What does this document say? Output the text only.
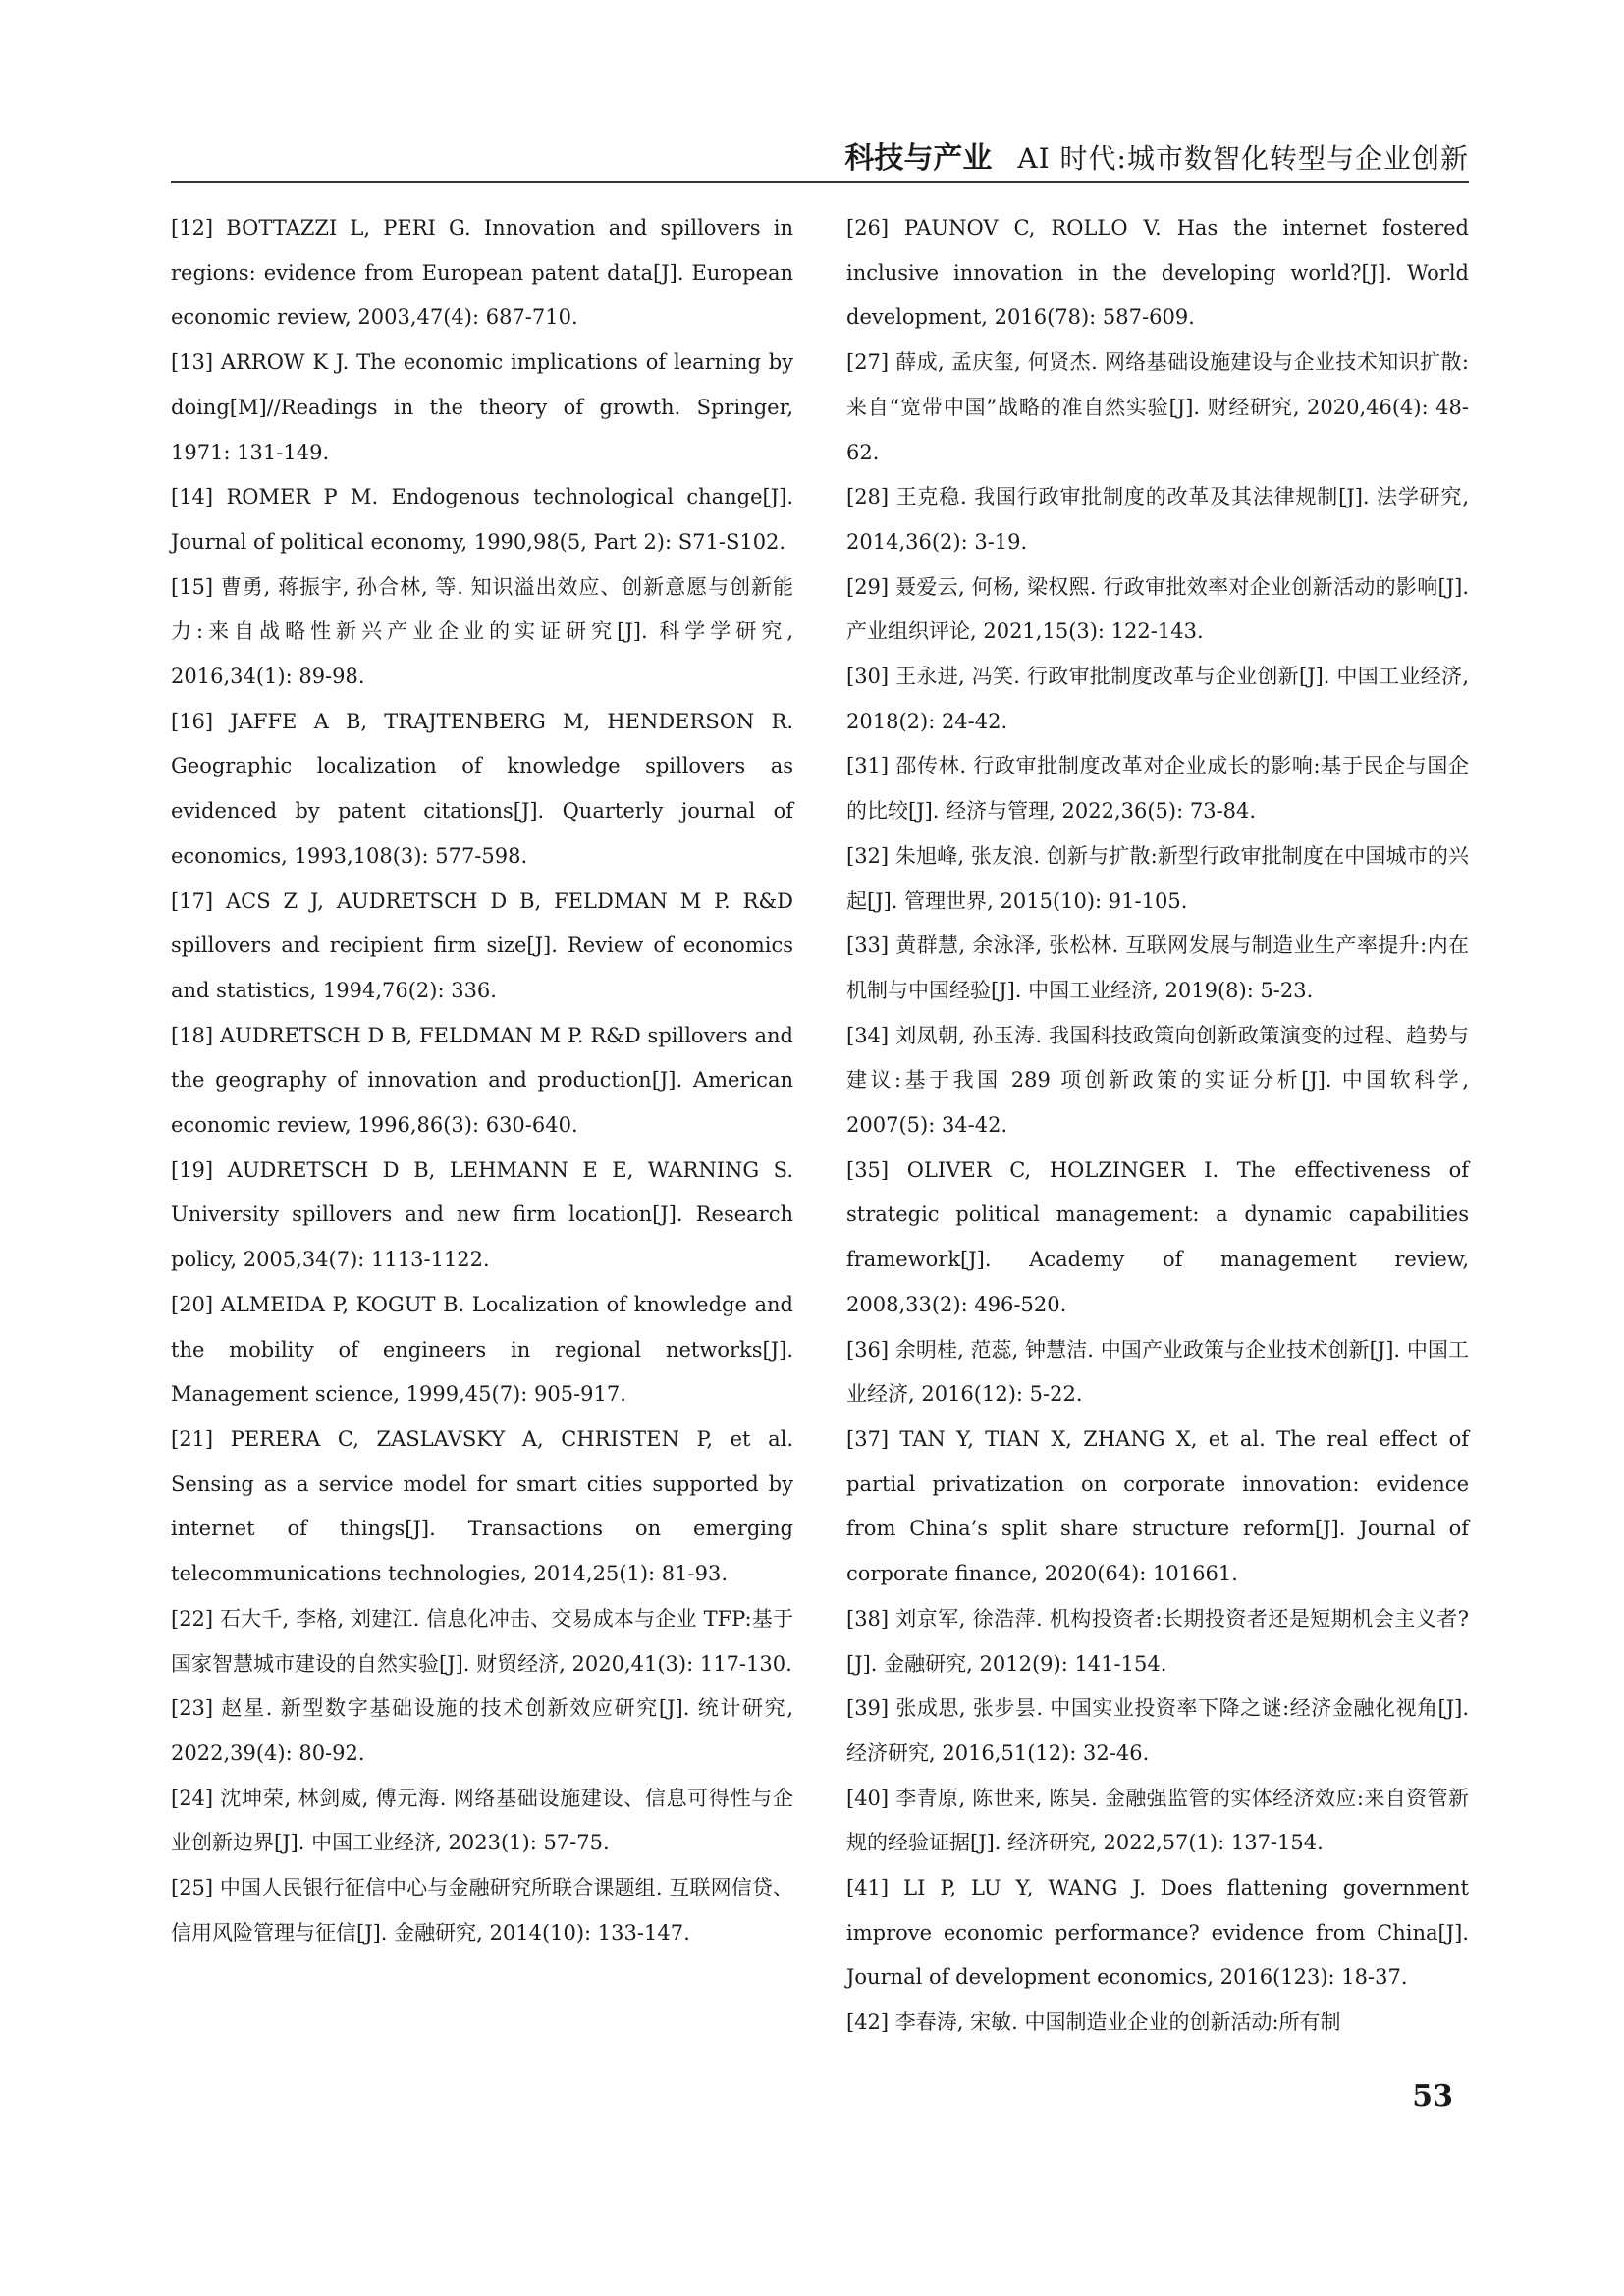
科技与产业 AI 时代:城市数智化转型与企业创新

[12] BOTTAZZI L, PERI G. Innovation and spillovers in regions: evidence from European patent data[J]. European economic review, 2003,47(4): 687-710.

[13] ARROW K J. The economic implications of learning by doing[M]//Readings in the theory of growth. Springer, 1971: 131-149.

[14] ROMER P M. Endogenous technological change[J]. Journal of political economy, 1990,98(5, Part 2): S71-S102.

[15] 曹勇, 蒋振宇, 孙合林, 等. 知识溢出效应、创新意愿与创新能力:来自战略性新兴产业企业的实证研究[J]. 科学学研究, 2016,34(1): 89-98.

[16] JAFFE A B, TRAJTENBERG M, HENDERSON R. Geographic localization of knowledge spillovers as evidenced by patent citations[J]. Quarterly journal of economics, 1993,108(3): 577-598.

[17] ACS Z J, AUDRETSCH D B, FELDMAN M P. R&D spillovers and recipient firm size[J]. Review of economics and statistics, 1994,76(2): 336.

[18] AUDRETSCH D B, FELDMAN M P. R&D spillovers and the geography of innovation and production[J]. American economic review, 1996,86(3): 630-640.

[19] AUDRETSCH D B, LEHMANN E E, WARNING S. University spillovers and new firm location[J]. Research policy, 2005,34(7): 1113-1122.

[20] ALMEIDA P, KOGUT B. Localization of knowledge and the mobility of engineers in regional networks[J]. Management science, 1999,45(7): 905-917.

[21] PERERA C, ZASLAVSKY A, CHRISTEN P, et al. Sensing as a service model for smart cities supported by internet of things[J]. Transactions on emerging telecommunications technologies, 2014,25(1): 81-93.

[22] 石大千, 李格, 刘建江. 信息化冲击、交易成本与企业 TFP:基于国家智慧城市建设的自然实验[J]. 财贸经济, 2020,41(3): 117-130.

[23] 赵星. 新型数字基础设施的技术创新效应研究[J]. 统计研究, 2022,39(4): 80-92.

[24] 沈坤荣, 林剑威, 傅元海. 网络基础设施建设、信息可得性与企业创新边界[J]. 中国工业经济, 2023(1): 57-75.

[25] 中国人民银行征信中心与金融研究所联合课题组. 互联网信贷、信用风险管理与征信[J]. 金融研究, 2014(10): 133-147.

[26] PAUNOV C, ROLLO V. Has the internet fostered inclusive innovation in the developing world?[J]. World development, 2016(78): 587-609.

[27] 薛成, 孟庆玺, 何贤杰. 网络基础设施建设与企业技术知识扩散:来自“宽带中国”战略的准自然实验[J]. 财经研究, 2020,46(4): 48-62.

[28] 王克稳. 我国行政审批制度的改革及其法律规制[J]. 法学研究, 2014,36(2): 3-19.

[29] 聂爱云, 何杨, 梁权熙. 行政审批效率对企业创新活动的影响[J]. 产业组织评论, 2021,15(3): 122-143.

[30] 王永进, 冯笑. 行政审批制度改革与企业创新[J]. 中国工业经济, 2018(2): 24-42.

[31] 邵传林. 行政审批制度改革对企业成长的影响:基于民企与国企的比较[J]. 经济与管理, 2022,36(5): 73-84.

[32] 朱旭峰, 张友浪. 创新与扩散:新型行政审批制度在中国城市的兴起[J]. 管理世界, 2015(10): 91-105.

[33] 黄群慧, 余泳泽, 张松林. 互联网发展与制造业生产率提升:内在机制与中国经验[J]. 中国工业经济, 2019(8): 5-23.

[34] 刘凤朝, 孙玉涛. 我国科技政策向创新政策演变的过程、趋势与建议:基于我国 289 项创新政策的实证分析[J]. 中国软科学, 2007(5): 34-42.

[35] OLIVER C, HOLZINGER I. The effectiveness of strategic political management: a dynamic capabilities framework[J]. Academy of management review, 2008,33(2): 496-520.

[36] 余明桂, 范蕊, 钟慧洁. 中国产业政策与企业技术创新[J]. 中国工业经济, 2016(12): 5-22.

[37] TAN Y, TIAN X, ZHANG X, et al. The real effect of partial privatization on corporate innovation: evidence from China’s split share structure reform[J]. Journal of corporate finance, 2020(64): 101661.

[38] 刘京军, 徐浩萍. 机构投资者:长期投资者还是短期机会主义者?[J]. 金融研究, 2012(9): 141-154.

[39] 张成思, 张步昙. 中国实业投资率下降之谜:经济金融化视角[J]. 经济研究, 2016,51(12): 32-46.

[40] 李青原, 陈世来, 陈昊. 金融强监管的实体经济效应:来自资管新规的经验证据[J]. 经济研究, 2022,57(1): 137-154.

[41] LI P, LU Y, WANG J. Does flattening government improve economic performance? evidence from China[J]. Journal of development economics, 2016(123): 18-37.

[42] 李春涛, 宋敏. 中国制造业企业的创新活动:所有制

53
